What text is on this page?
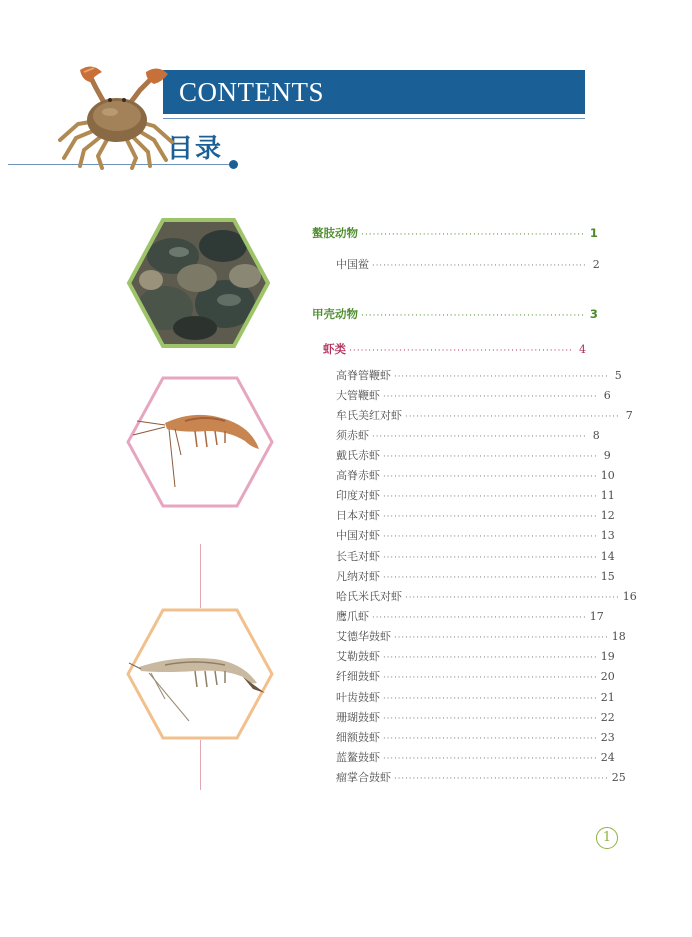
CONTENTS
目录
螯肢动物 ·························································· 1
中国鲎 ·························································· 2
甲壳动物 ·························································· 3
虾类 ·························································· 4
高脊管鞭虾 ·························································· 5
大管鞭虾 ·························································· 6
牟氏美红对虾 ·························································· 7
须赤虾 ·························································· 8
戴氏赤虾 ·························································· 9
高脊赤虾 ·························································· 10
印度对虾 ·························································· 11
日本对虾 ·························································· 12
中国对虾 ·························································· 13
长毛对虾 ·························································· 14
凡纳对虾 ·························································· 15
哈氏米氏对虾 ·························································· 16
鹰爪虾 ·························································· 17
艾德华鼓虾 ·························································· 18
艾勒鼓虾 ·························································· 19
纤细鼓虾 ·························································· 20
叶齿鼓虾 ·························································· 21
珊瑚鼓虾 ·························································· 22
细额鼓虾 ·························································· 23
蓝鳌鼓虾 ·························································· 24
瘤掌合鼓虾 ·························································· 25
1
